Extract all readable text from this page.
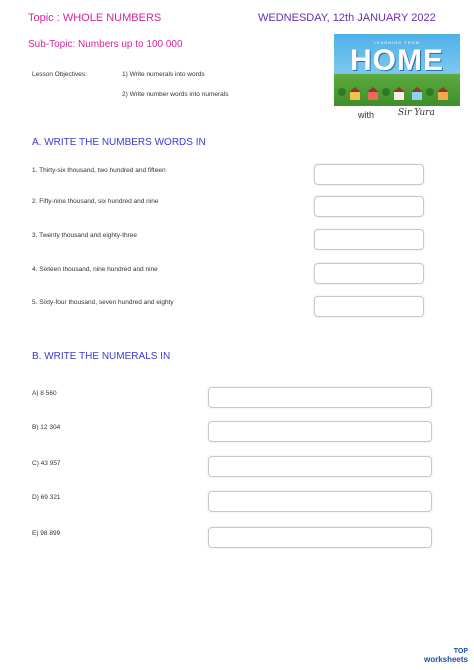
Topic : WHOLE NUMBERS	WEDNESDAY, 12th JANUARY 2022
Sub-Topic: Numbers up to 100 000
Lesson Objectives:	1) Write numerals into words
2) Write number words into numerals
LEARNING FROM
HOME
with	Sir Yura
A. WRITE THE NUMBERS WORDS IN
1. Thirty-six thousand, two hundred and fifteen
2. Fifty-nine thousand, six hundred and nine
3. Twenty thousand and eighty-three
4. Sixteen thousand, nine hundred and nine
5. Sixty-four thousand, seven hundred and eighty
B. WRITE THE NUMERALS IN
A) 8 560
B) 12 304
C) 43 957
D) 69 321
E) 98 899
TOP
worksheets
